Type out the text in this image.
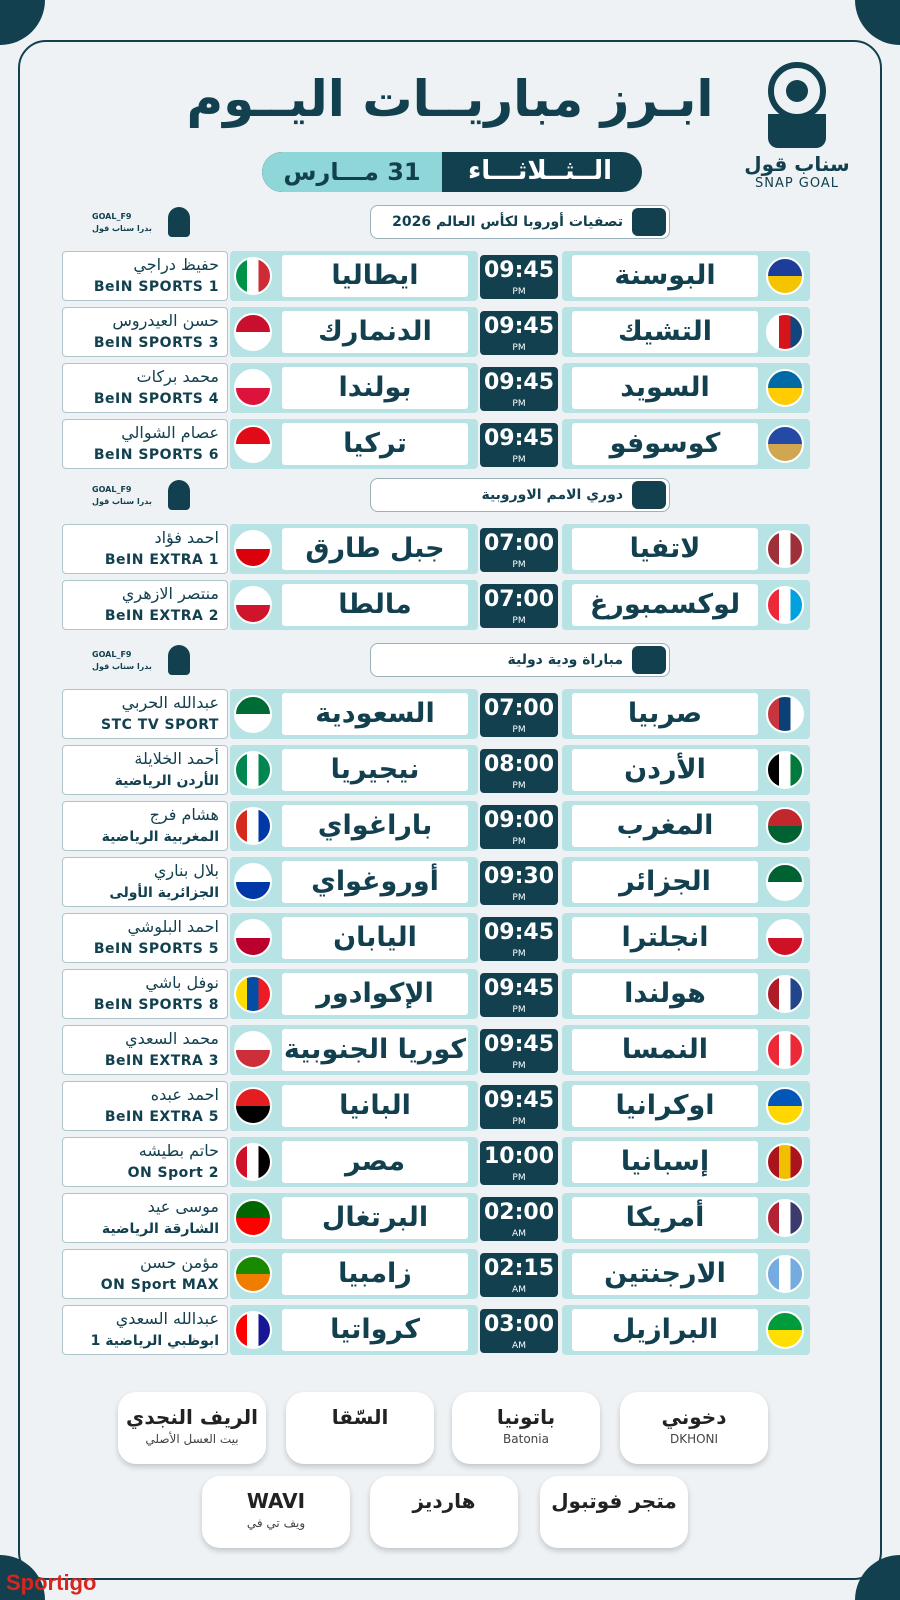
سناب قول
SNAP GOAL
ابـرز مباريــات اليــوم
الــثــلاثـــاء
31 مـــارس
تصفيات أوروبا لكأس العالم 2026
GOAL_F9
بدرا سناب قول
البوسنة
09:45
PM
ايطاليا
حفيظ دراجي
BeIN SPORTS 1
التشيك
09:45
PM
الدنمارك
حسن العيدروس
BeIN SPORTS 3
السويد
09:45
PM
بولندا
محمد بركات
BeIN SPORTS 4
كوسوفو
09:45
PM
تركيا
عصام الشوالي
BeIN SPORTS 6
دوري الامم الاوروبية
GOAL_F9
بدرا سناب قول
لاتفيا
07:00
PM
جبل طارق
احمد فؤاد
BeIN EXTRA 1
لوكسمبورغ
07:00
PM
مالطا
منتصر الازهري
BeIN EXTRA 2
مباراة ودية دولية
GOAL_F9
بدرا سناب قول
صربيا
07:00
PM
السعودية
عبدالله الحربي
STC TV SPORT
الأردن
08:00
PM
نيجيريا
أحمد الخلايلة
الأردن الرياضية
المغرب
09:00
PM
باراغواي
هشام فرج
المغربية الرياضية
الجزائر
09:30
PM
أوروغواي
بلال بناري
الجزائرية الأولى
انجلترا
09:45
PM
اليابان
احمد البلوشي
BeIN SPORTS 5
هولندا
09:45
PM
الإكوادور
نوفل باشي
BeIN SPORTS 8
النمسا
09:45
PM
كوريا الجنوبية
محمد السعدي
BeIN EXTRA 3
اوكرانيا
09:45
PM
البانيا
احمد عبده
BeIN EXTRA 5
إسبانيا
10:00
PM
مصر
حاتم بطيشه
ON Sport 2
أمريكا
02:00
AM
البرتغال
موسى عيد
الشارقة الرياضية
الارجنتين
02:15
AM
زامبيا
مؤمن حسن
ON Sport MAX
البرازيل
03:00
AM
كرواتيا
عبدالله السعدي
1 ابوظبي الرياضية
دخوني
DKHONI
باتونيا
Batonia
السّقا
الريف النجدي
بيت العسل الأصلي
متجر فوتبول
هارديز
WAVI
ويف تي في
Sportigo
